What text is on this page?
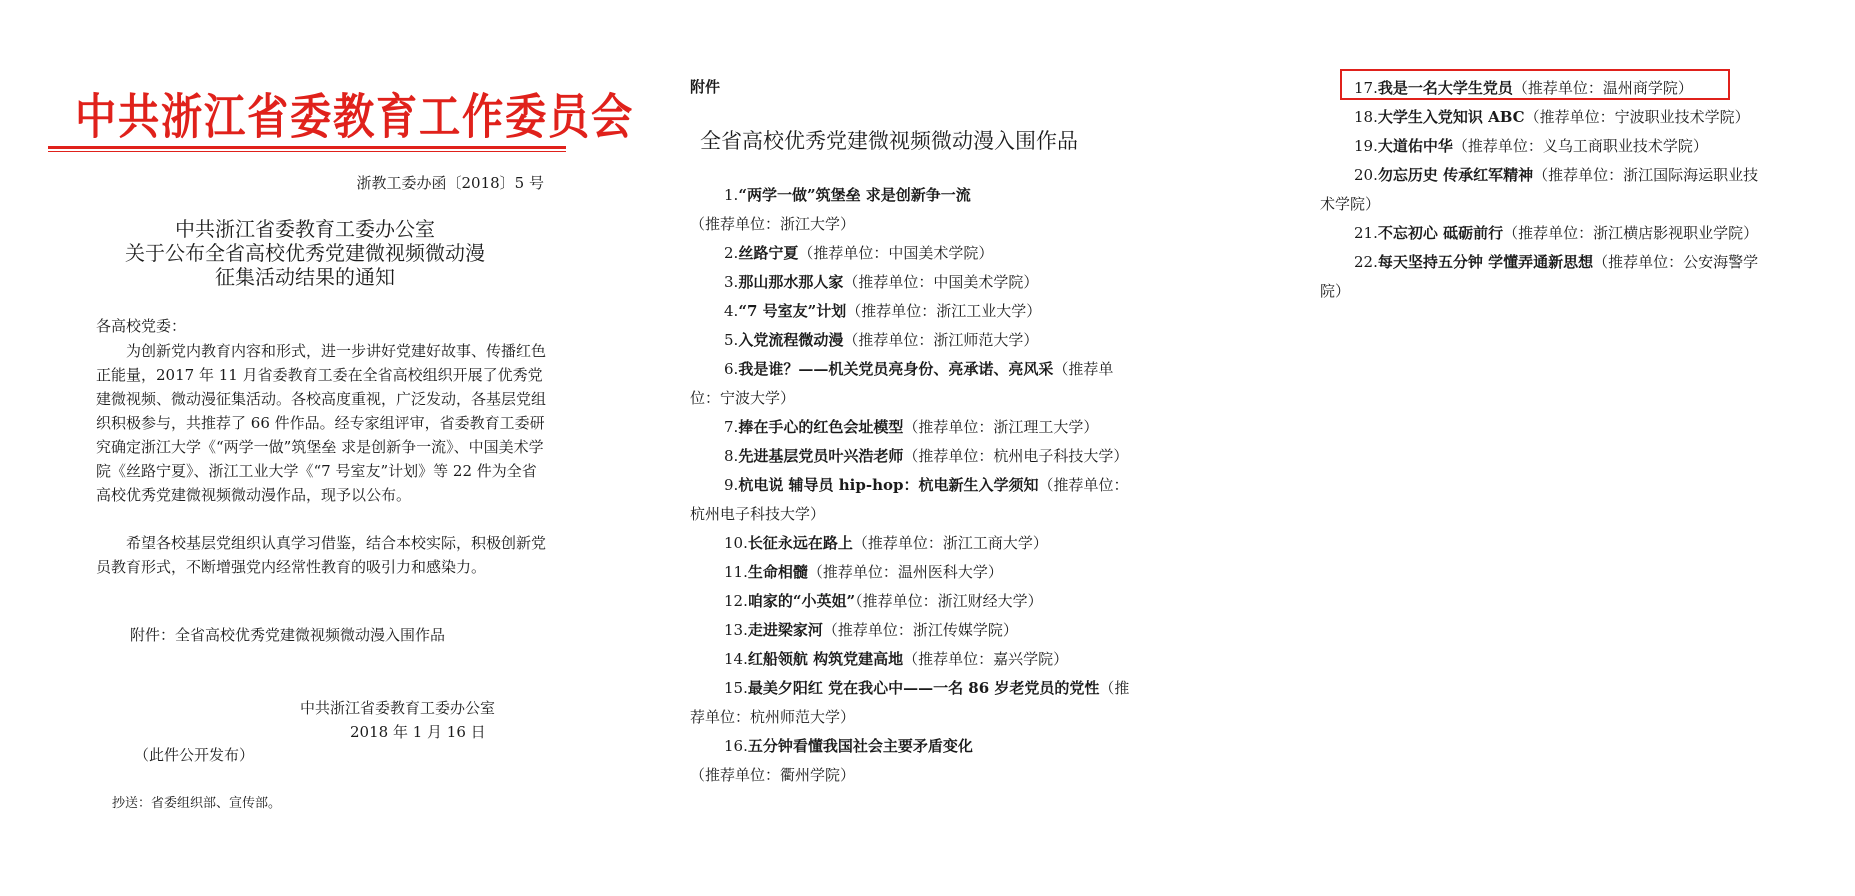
中共浙江省委教育工作委员会
浙教工委办函〔2018〕5 号
中共浙江省委教育工委办公室
关于公布全省高校优秀党建微视频微动漫
征集活动结果的通知
各高校党委：

为创新党内教育内容和形式，进一步讲好党建好故事、传播红色正能量，2017 年 11 月省委教育工委在全省高校组织开展了优秀党建微视频、微动漫征集活动。各校高度重视，广泛发动，各基层党组织积极参与，共推荐了 66 件作品。经专家组评审，省委教育工委研究确定浙江大学《“两学一做”筑堡垒 求是创新争一流》、中国美术学院《丝路宁夏》、浙江工业大学《“7 号室友”计划》等 22 件为全省高校优秀党建微视频微动漫作品，现予以公布。

希望各校基层党组织认真学习借鉴，结合本校实际，积极创新党员教育形式，不断增强党内经常性教育的吸引力和感染力。

附件：全省高校优秀党建微视频微动漫入围作品
中共浙江省委教育工委办公室
2018 年 1 月 16 日
（此件公开发布）
抄送：省委组织部、宣传部。
附件
全省高校优秀党建微视频微动漫入围作品
1.“两学一做”筑堡垒 求是创新争一流（推荐单位：浙江大学）
2.丝路宁夏（推荐单位：中国美术学院）
3.那山那水那人家（推荐单位：中国美术学院）
4.“7 号室友”计划（推荐单位：浙江工业大学）
5.入党流程微动漫（推荐单位：浙江师范大学）
6.我是谁？——机关党员亮身份、亮承诺、亮风采（推荐单位：宁波大学）
7.捧在手心的红色会址模型（推荐单位：浙江理工大学）
8.先进基层党员叶兴浩老师（推荐单位：杭州电子科技大学）
9.杭电说 辅导员 hip-hop：杭电新生入学须知（推荐单位：杭州电子科技大学）
10.长征永远在路上（推荐单位：浙江工商大学）
11.生命相髓（推荐单位：温州医科大学）
12.咱家的“小英姐”（推荐单位：浙江财经大学）
13.走进梁家河（推荐单位：浙江传媒学院）
14.红船领航 构筑党建高地（推荐单位：嘉兴学院）
15.最美夕阳红 党在我心中——一名 86 岁老党员的党性（推荐单位：杭州师范大学）
16.五分钟看懂我国社会主要矛盾变化（推荐单位：衢州学院）
17.我是一名大学生党员（推荐单位：温州商学院）
18.大学生入党知识 ABC（推荐单位：宁波职业技术学院）
19.大道佑中华（推荐单位：义乌工商职业技术学院）
20.勿忘历史 传承红军精神（推荐单位：浙江国际海运职业技术学院）
21.不忘初心 砥砺前行（推荐单位：浙江横店影视职业学院）
22.每天坚持五分钟 学懂弄通新思想（推荐单位：公安海警学院）
